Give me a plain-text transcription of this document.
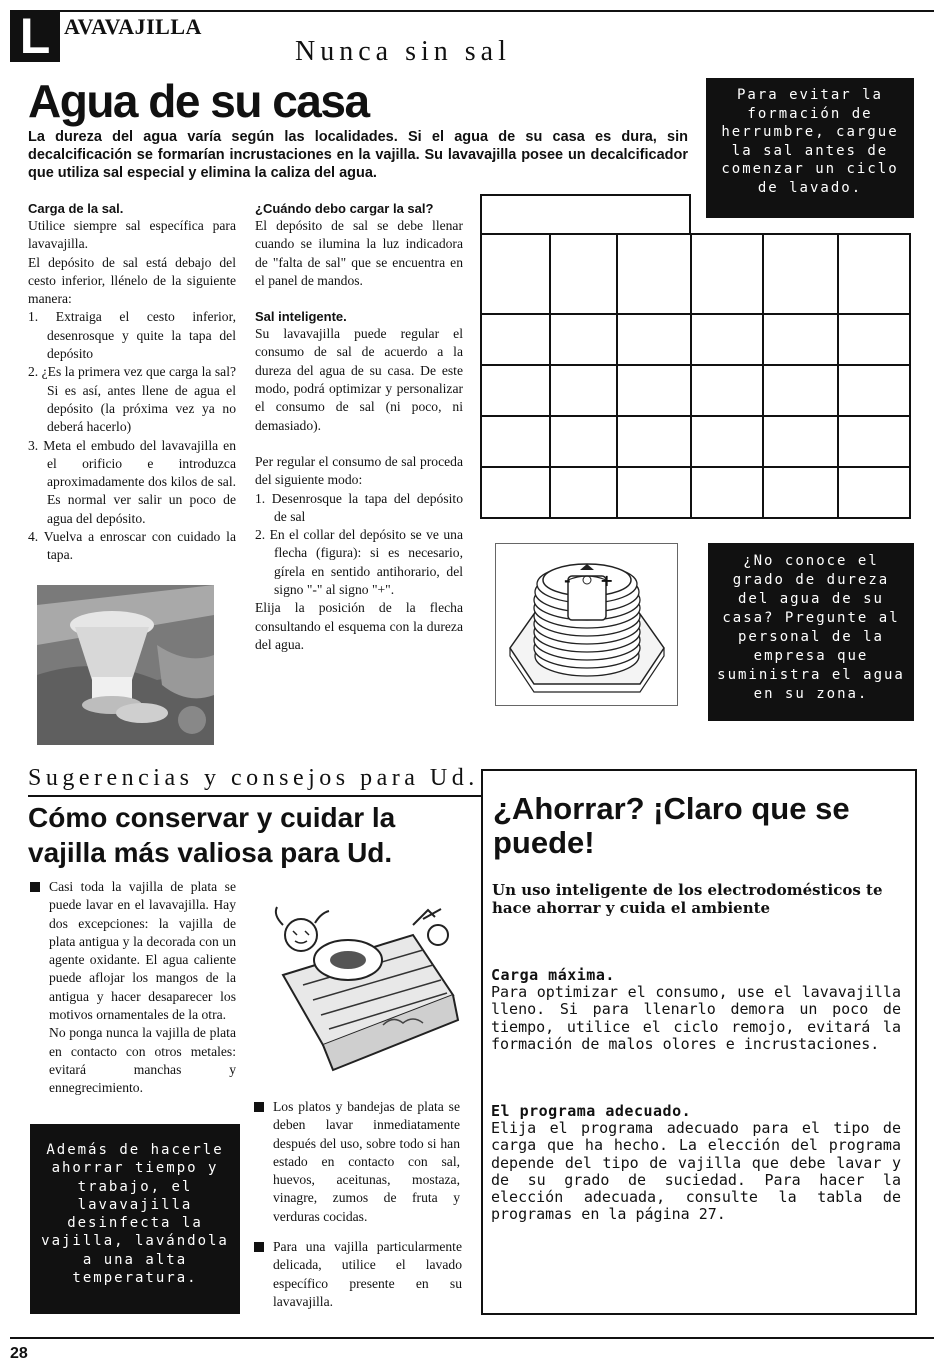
L AVAVAJILLA
Nunca sin sal
Agua de su casa
La dureza del agua varía según las localidades. Si el agua de su casa es dura, sin decalcificación se formarían incrustaciones en la vajilla. Su lavavajilla posee un decalcificador que utiliza sal especial y elimina la caliza del agua.
Para evitar la formación de herrumbre, cargue la sal antes de comenzar un ciclo de lavado.
Carga de la sal.

Utilice siempre sal específica para lavavajilla.

El depósito de sal está debajo del cesto inferior, llénelo de la siguiente manera:

1. Extraiga el cesto inferior, desenrosque y quite la tapa del depósito
2. ¿Es la primera vez que carga la sal? Si es así, antes llene de agua el depósito (la próxima vez ya no deberá hacerlo)
3. Meta el embudo del lavavajilla en el orificio e introduzca aproximadamente dos kilos de sal. Es normal ver salir un poco de agua del depósito.
4. Vuelva a enroscar con cuidado la tapa.
¿Cuándo debo cargar la sal?

El depósito de sal se debe llenar cuando se ilumina la luz indicadora de "falta de sal" que se encuentra en el panel de mandos.

Sal inteligente.

Su lavavajilla puede regular el consumo de sal de acuerdo a la dureza del agua de su casa. De este modo, podrá optimizar y personalizar el consumo de sal (ni poco, ni demasiado).

Per regular el consumo de sal proceda del siguiente modo:

1. Desenrosque la tapa del depósito de sal
2. En el collar del depósito se ve una flecha (figura): si es necesario, gírela en sentido antihorario, del signo "-" al signo "+".

Elija la posición de la flecha consultando el esquema con la dureza del agua.

- +
¿No conoce el grado de dureza del agua de su casa? Pregunte al personal de la empresa que suministra el agua en su zona.
Sugerencias y consejos para Ud.
Cómo conservar y cuidar la vajilla más valiosa para Ud.

Casi toda la vajilla de plata se puede lavar en el lavavajilla. Hay dos excepciones: la vajilla de plata antigua y la decorada con un agente oxidante. El agua caliente puede aflojar los mangos de la antigua y hacer desaparecer los motivos ornamentales de la otra.

No ponga nunca la vajilla de plata en contacto con otros metales: evitará manchas y ennegrecimiento.

Los platos y bandejas de plata se deben lavar inmediatamente después del uso, sobre todo si han estado en contacto con sal, huevos, aceitunas, mostaza, vinagre, zumos de fruta y verduras cocidas.

Para una vajilla particularmente delicada, utilice el lavado específico presente en su lavavajilla.

Además de hacerle ahorrar tiempo y trabajo, el lavavajilla desinfecta la vajilla, lavándola a una alta temperatura.
¿Ahorrar? ¡Claro que se puede!
Un uso inteligente de los electrodomésticos te hace ahorrar y cuida el ambiente
Carga máxima.

Para optimizar el consumo, use el lavavajilla lleno. Si para llenarlo demora un poco de tiempo, utilice el ciclo remojo, evitará la formación de malos olores e incrustaciones.

El programa adecuado.

Elija el programa adecuado para el tipo de carga que ha hecho. La elección del programa depende del tipo de vajilla que debe lavar y de su grado de suciedad. Para hacer la elección adecuada, consulte la tabla de programas en la página 27.

28
